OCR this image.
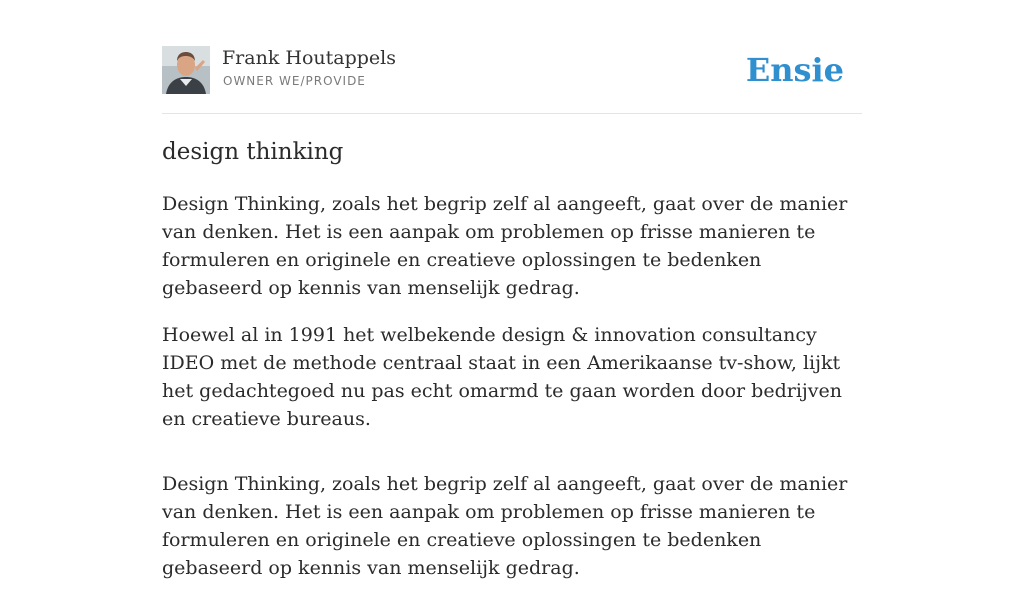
Frank Houtappels
OWNER WE/PROVIDE	Ensie
design thinking

Design Thinking, zoals het begrip zelf al aangeeft, gaat over de manier van denken. Het is een aanpak om problemen op frisse manieren te formuleren en originele en creatieve oplossingen te bedenken gebaseerd op kennis van menselijk gedrag.

Hoewel al in 1991 het welbekende design & innovation consultancy IDEO met de methode centraal staat in een Amerikaanse tv-show, lijkt het gedachtegoed nu pas echt omarmd te gaan worden door bedrijven en creatieve bureaus.

Design Thinking, zoals het begrip zelf al aangeeft, gaat over de manier van denken. Het is een aanpak om problemen op frisse manieren te formuleren en originele en creatieve oplossingen te bedenken gebaseerd op kennis van menselijk gedrag.
